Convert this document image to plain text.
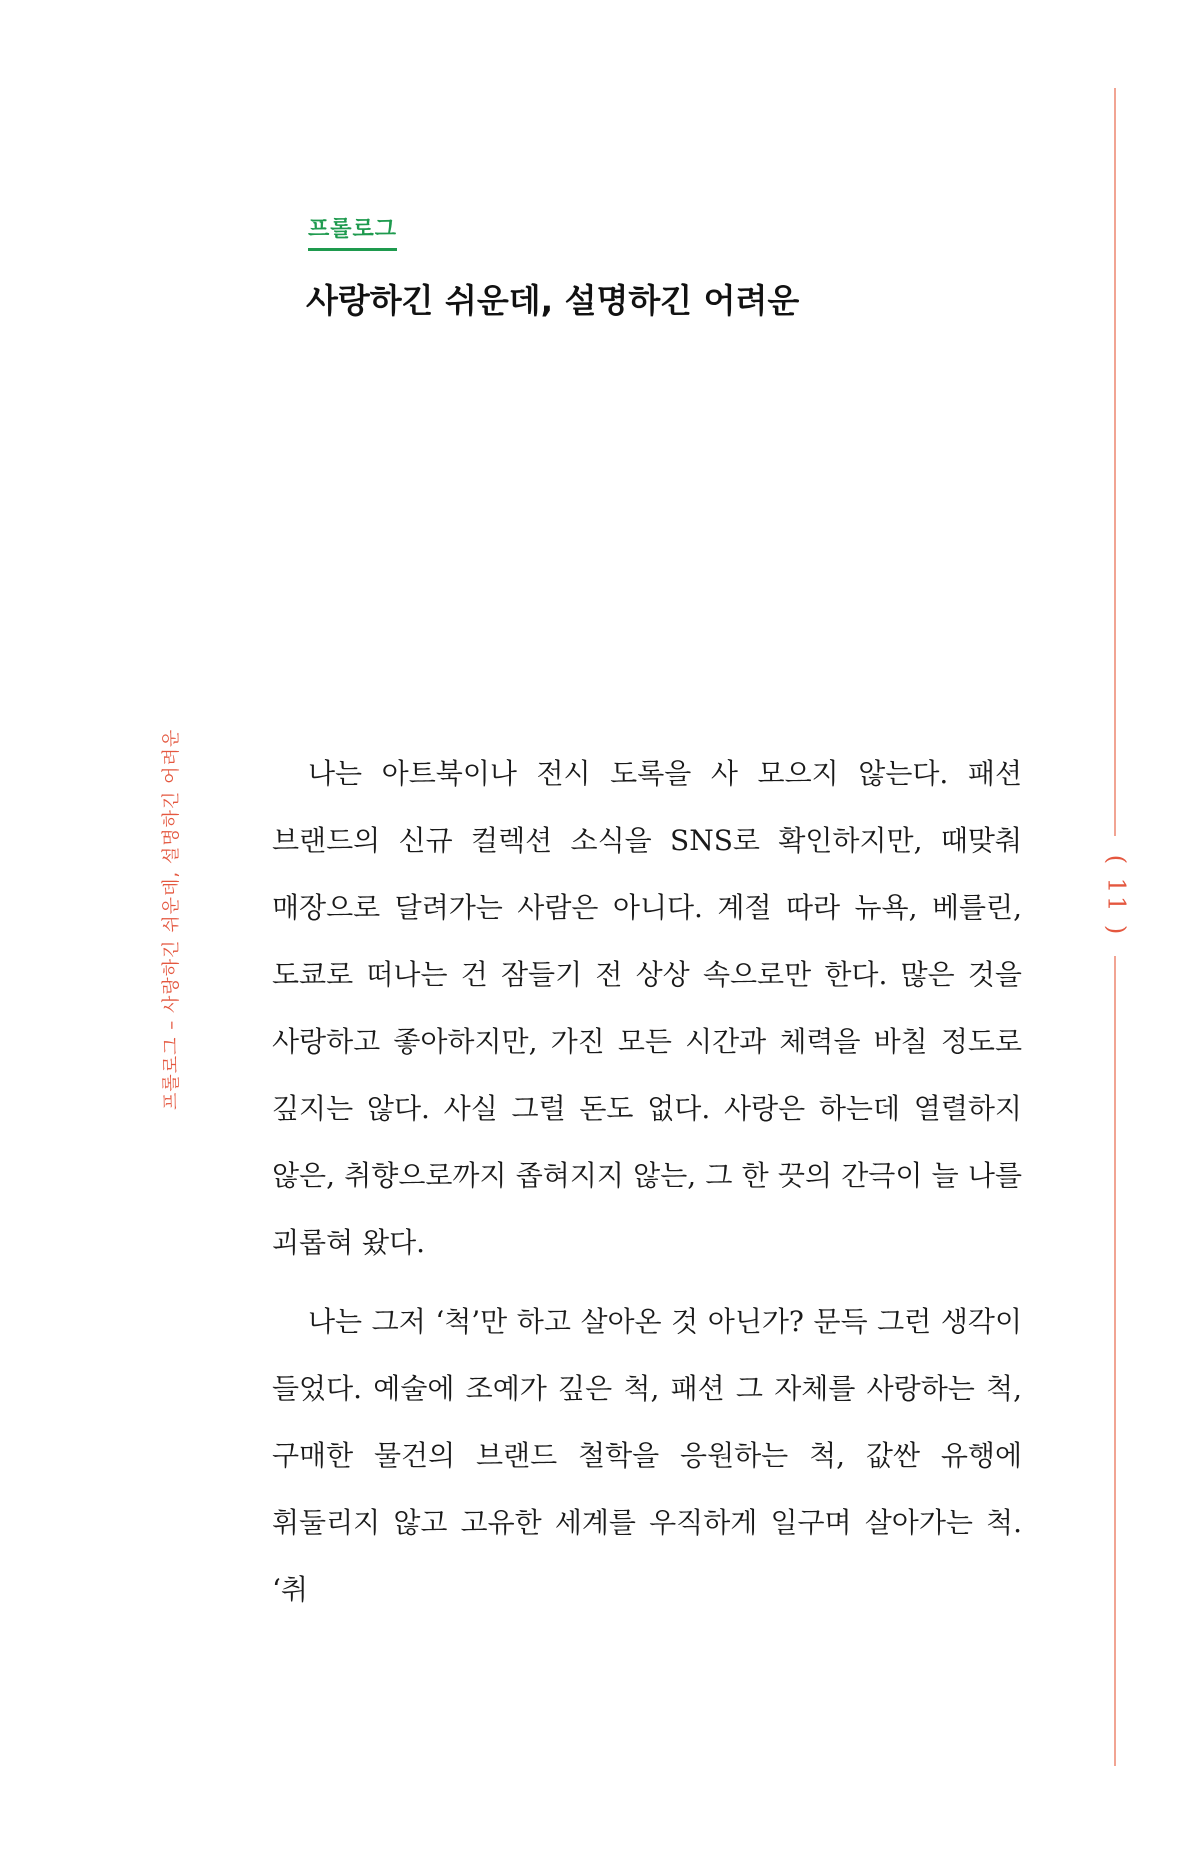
프롤로그
사랑하긴 쉬운데, 설명하긴 어려운

나는 아트북이나 전시 도록을 사 모으지 않는다. 패션 브랜드의 신규 컬렉션 소식을 SNS로 확인하지만, 때맞춰 매장으로 달려가는 사람은 아니다. 계절 따라 뉴욕, 베를린, 도쿄로 떠나는 건 잠들기 전 상상 속으로만 한다. 많은 것을 사랑하고 좋아하지만, 가진 모든 시간과 체력을 바칠 정도로 깊지는 않다. 사실 그럴 돈도 없다. 사랑은 하는데 열렬하지 않은, 취향으로까지 좁혀지지 않는, 그 한 끗의 간극이 늘 나를 괴롭혀 왔다.

나는 그저 ‘척’만 하고 살아온 것 아닌가? 문득 그런 생각이 들었다. 예술에 조예가 깊은 척, 패션 그 자체를 사랑하는 척, 구매한 물건의 브랜드 철학을 응원하는 척, 값싼 유행에 휘둘리지 않고 고유한 세계를 우직하게 일구며 살아가는 척. ‘취

프롤로그 – 사랑하긴 쉬운데, 설명하긴 어려운	( 11 )
